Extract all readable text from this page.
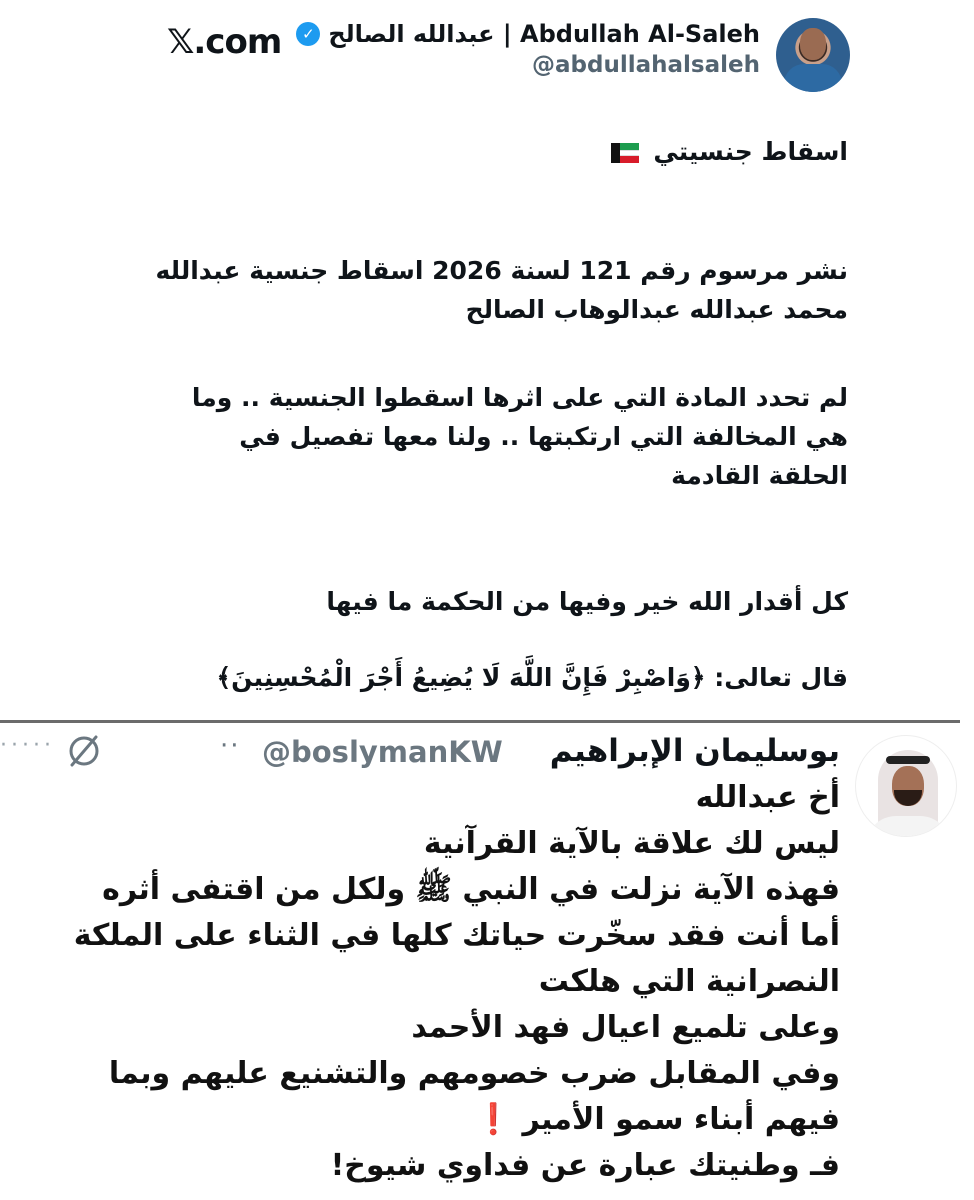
✓ عبدالله الصالح | Abdullah Al-Saleh
@abdullahalsaleh
𝕏.com
اسقاط جنسيتي
نشر مرسوم رقم 121 لسنة 2026 اسقاط جنسية عبدالله
محمد عبدالله عبدالوهاب الصالح
لم تحدد المادة التي على اثرها اسقطوا الجنسية .. وما
هي المخالفة التي ارتكبتها .. ولنا معها تفصيل في
الحلقة القادمة
كل أقدار الله خير وفيها من الحكمة ما فيها
قال تعالى: ﴿وَاصْبِرْ فَإِنَّ اللَّهَ لَا يُضِيعُ أَجْرَ الْمُحْسِنِينَ﴾
بوسليمان الإبراهيم
@boslymanKW
··
·····
أخ عبدالله
ليس لك علاقة بالآية القرآنية
فهذه الآية نزلت في النبي ﷺ ولكل من اقتفى أثره
أما أنت فقد سخّرت حياتك كلها في الثناء على الملكة
النصرانية التي هلكت
وعلى تلميع اعيال فهد الأحمد
وفي المقابل ضرب خصومهم والتشنيع عليهم وبما
فيهم أبناء سمو الأمير ❗
فـ وطنيتك عبارة عن فداوي شيوخ!
